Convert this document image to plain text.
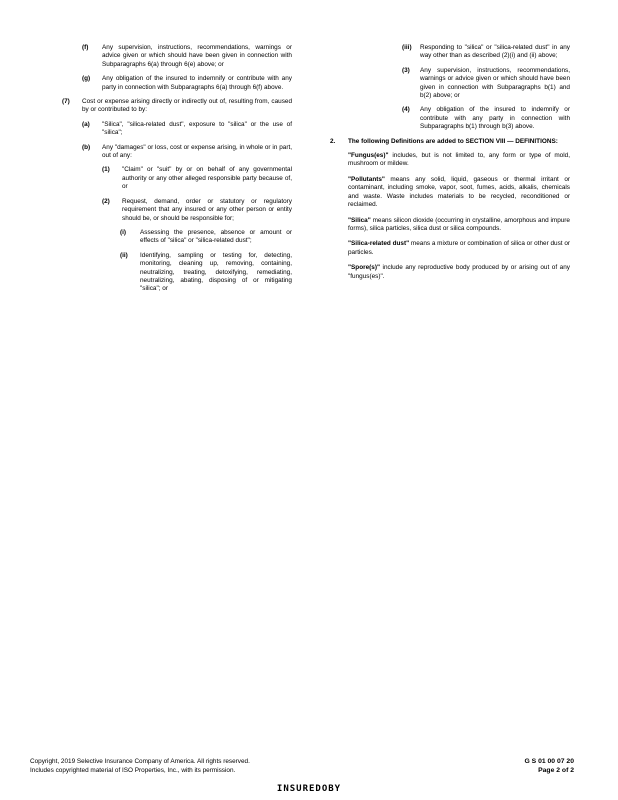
(f) Any supervision, instructions, recommendations, warnings or advice given or which should have been given in connection with Subparagraphs 6(a) through 6(e) above; or
(g) Any obligation of the insured to indemnify or contribute with any party in connection with Subparagraphs 6(a) through 6(f) above.
(7) Cost or expense arising directly or indirectly out of, resulting from, caused by or contributed to by:
(a) "Silica", "silica-related dust", exposure to "silica" or the use of "silica";
(b) Any "damages" or loss, cost or expense arising, in whole or in part, out of any:
(1) "Claim" or "suit" by or on behalf of any governmental authority or any other alleged responsible party because of, or
(2) Request, demand, order or statutory or regulatory requirement that any insured or any other person or entity should be, or should be responsible for;
(i) Assessing the presence, absence or amount or effects of "silica" or "silica-related dust";
(ii) Identifying, sampling or testing for, detecting, monitoring, cleaning up, removing, containing, neutralizing, treating, detoxifying, remediating, neutralizing, abating, disposing of or mitigating "silica"; or
(iii) Responding to "silica" or "silica-related dust" in any way other than as described (2)(i) and (ii) above;
(3) Any supervision, instructions, recommendations, warnings or advice given or which should have been given in connection with Subparagraphs b(1) and b(2) above; or
(4) Any obligation of the insured to indemnify or contribute with any party in connection with Subparagraphs b(1) through b(3) above.
2. The following Definitions are added to SECTION VIII — DEFINITIONS:
"Fungus(es)" includes, but is not limited to, any form or type of mold, mushroom or mildew.
"Pollutants" means any solid, liquid, gaseous or thermal irritant or contaminant, including smoke, vapor, soot, fumes, acids, alkalis, chemicals and waste. Waste includes materials to be recycled, reconditioned or reclaimed.
"Silica" means silicon dioxide (occurring in crystalline, amorphous and impure forms), silica particles, silica dust or silica compounds.
"Silica-related dust" means a mixture or combination of silica or other dust or particles.
"Spore(s)" include any reproductive body produced by or arising out of any "fungus(es)".
Copyright, 2019 Selective Insurance Company of America. All rights reserved.
Includes copyrighted material of ISO Properties, Inc., with its permission.
G S 01 00 07 20
Page 2 of 2
INSUREDOBY
